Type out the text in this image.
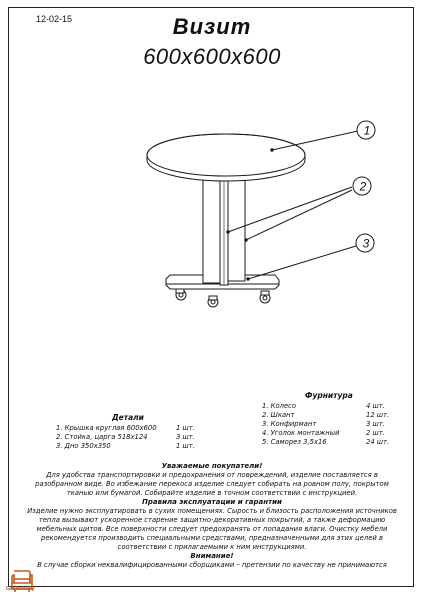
12-02-15	Визит
600x600x600
1
2
3
Фурнитура
1. Колесо	4 шт.
2. Шкант	12 шт.
3. Конфирмант	3 шт.
4. Уголок монтажный	2 шт.
5. Саморез 3,5х16	24 шт.
Детали
1. Крышка круглая 600х600	1 шт.
2. Стойка, царга 518х124	3 шт.
3. Дно 350х350	1 шт.

Уважаемые покупатели!

Для удобства транспортировки и предохранения от повреждений, изделие поставляется в разобранном виде. Во избежание перекоса изделие следует собирать на ровном полу, покрытом тканью или бумагой. Собирайте изделие в точном соответствии с инструкцией.

Правила эксплуатации и гарантии

Изделие нужно эксплуатировать в сухих помещениях. Сырость и близость расположения источников тепла вызывают ускоренное старение защитно-декоративных покрытий, а также деформацию мебельных щитов. Все поверхности следует предохранять от попадания влаги. Очистку мебели рекомендуется производить специальными средствами, предназначенными для этих целей в соответствии с прилагаемыми к ним инструкциями.

Внимание!

В случае сборки неквалифицированными сборщиками – претензии по качеству не принимаются

Groholskiy
